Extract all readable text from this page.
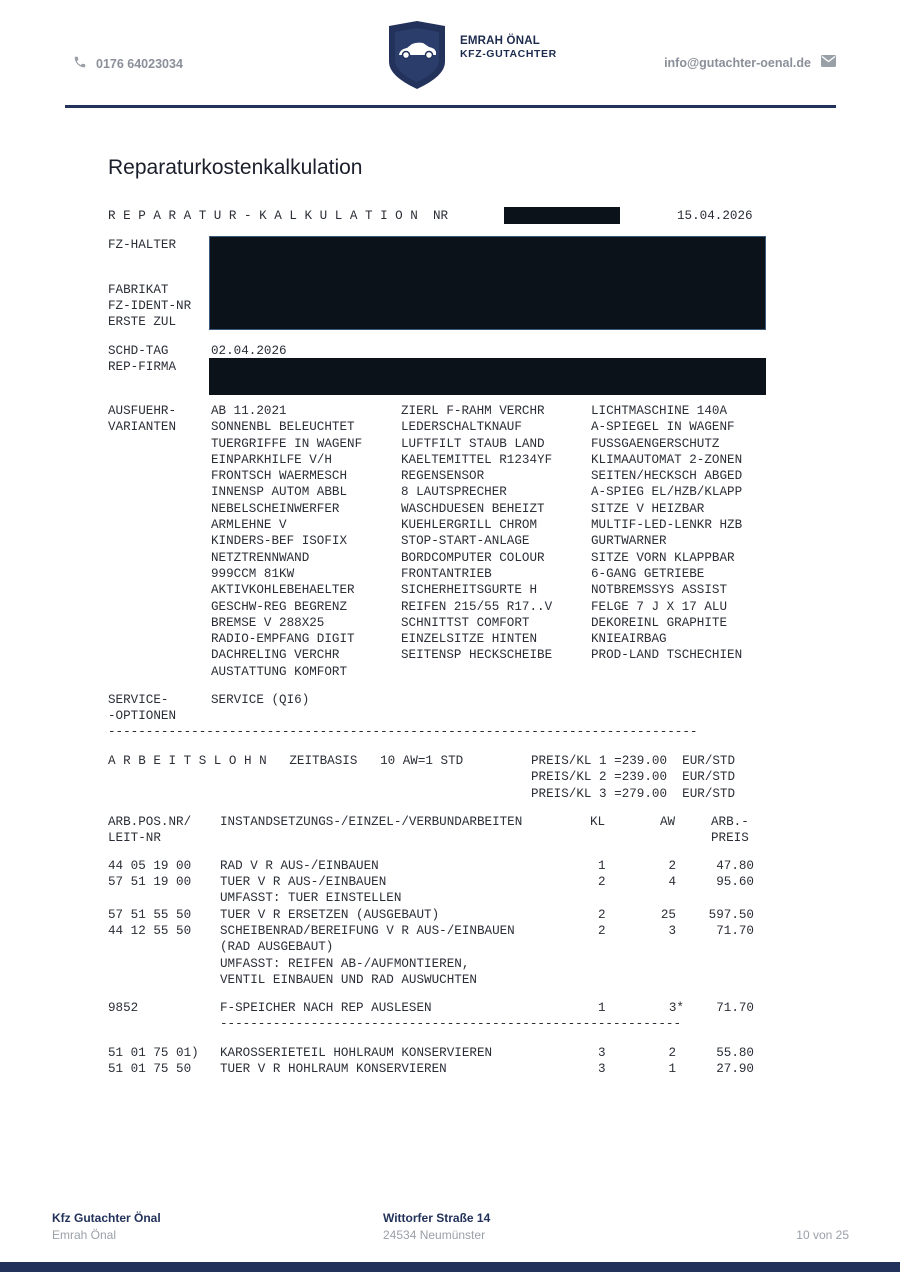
0176 64023034
EMRAH ÖNAL
KFZ-GUTACHTER
info@gutachter-oenal.de
Reparaturkostenkalkulation
R E P A R A T U R - K A L K U L A T I O N  NR	15.04.2026
FZ-HALTER
FABRIKAT
FZ-IDENT-NR
ERSTE ZUL
SCHD-TAG	02.04.2026
REP-FIRMA
AUSFUEHR-
VARIANTEN
AB 11.2021
SONNENBL BELEUCHTET
TUERGRIFFE IN WAGENF
EINPARKHILFE V/H
FRONTSCH WAERMESCH
INNENSP AUTOM ABBL
NEBELSCHEINWERFER
ARMLEHNE V
KINDERS-BEF ISOFIX
NETZTRENNWAND
999CCM 81KW
AKTIVKOHLEBEHAELTER
GESCHW-REG BEGRENZ
BREMSE V 288X25
RADIO-EMPFANG DIGIT
DACHRELING VERCHR
AUSTATTUNG KOMFORT
ZIERL F-RAHM VERCHR
LEDERSCHALTKNAUF
LUFTFILT STAUB LAND
KAELTEMITTEL R1234YF
REGENSENSOR
8 LAUTSPRECHER
WASCHDUESEN BEHEIZT
KUEHLERGRILL CHROM
STOP-START-ANLAGE
BORDCOMPUTER COLOUR
FRONTANTRIEB
SICHERHEITSGURTE H
REIFEN 215/55 R17..V
SCHNITTST COMFORT
EINZELSITZE HINTEN
SEITENSP HECKSCHEIBE
LICHTMASCHINE 140A
A-SPIEGEL IN WAGENF
FUSSGAENGERSCHUTZ
KLIMAAUTOMAT 2-ZONEN
SEITEN/HECKSCH ABGED
A-SPIEG EL/HZB/KLAPP
SITZE V HEIZBAR
MULTIF-LED-LENKR HZB
GURTWARNER
SITZE VORN KLAPPBAR
6-GANG GETRIEBE
NOTBREMSSYS ASSIST
FELGE 7 J X 17 ALU
DEKOREINL GRAPHITE
KNIEAIRBAG
PROD-LAND TSCHECHIEN
SERVICE-
-OPTIONEN
SERVICE (QI6)
------------------------------------------------------------------------------
A R B E I T S L O H N   ZEITBASIS   10 AW=1 STD	PREIS/KL 1 =239.00  EUR/STD
PREIS/KL 2 =239.00  EUR/STD
PREIS/KL 3 =279.00  EUR/STD
ARB.POS.NR/
LEIT-NR
INSTANDSETZUNGS-/EINZEL-/VERBUNDARBEITEN	KL	AW	ARB.-
PREIS
44 05 19 00 RAD V R AUS-/EINBAUEN	1	2	47.80
57 51 19 00 TUER V R AUS-/EINBAUEN
UMFASST: TUER EINSTELLEN
2	4	95.60
57 51 55 50 TUER V R ERSETZEN (AUSGEBAUT)	2	25	597.50
44 12 55 50 SCHEIBENRAD/BEREIFUNG V R AUS-/EINBAUEN
(RAD AUSGEBAUT)
UMFASST: REIFEN AB-/AUFMONTIEREN,
VENTIL EINBAUEN UND RAD AUSWUCHTEN
2	3	71.70
9852	F-SPEICHER NACH REP AUSLESEN	1	3*	71.70
-------------------------------------------------------------
51 01 75 01) KAROSSERIETEIL HOHLRAUM KONSERVIEREN	3	2	55.80
51 01 75 50 TUER V R HOHLRAUM KONSERVIEREN	3	1	27.90
Kfz Gutachter Önal
Emrah Önal
Wittorfer Straße 14
24534 Neumünster	10 von 25
